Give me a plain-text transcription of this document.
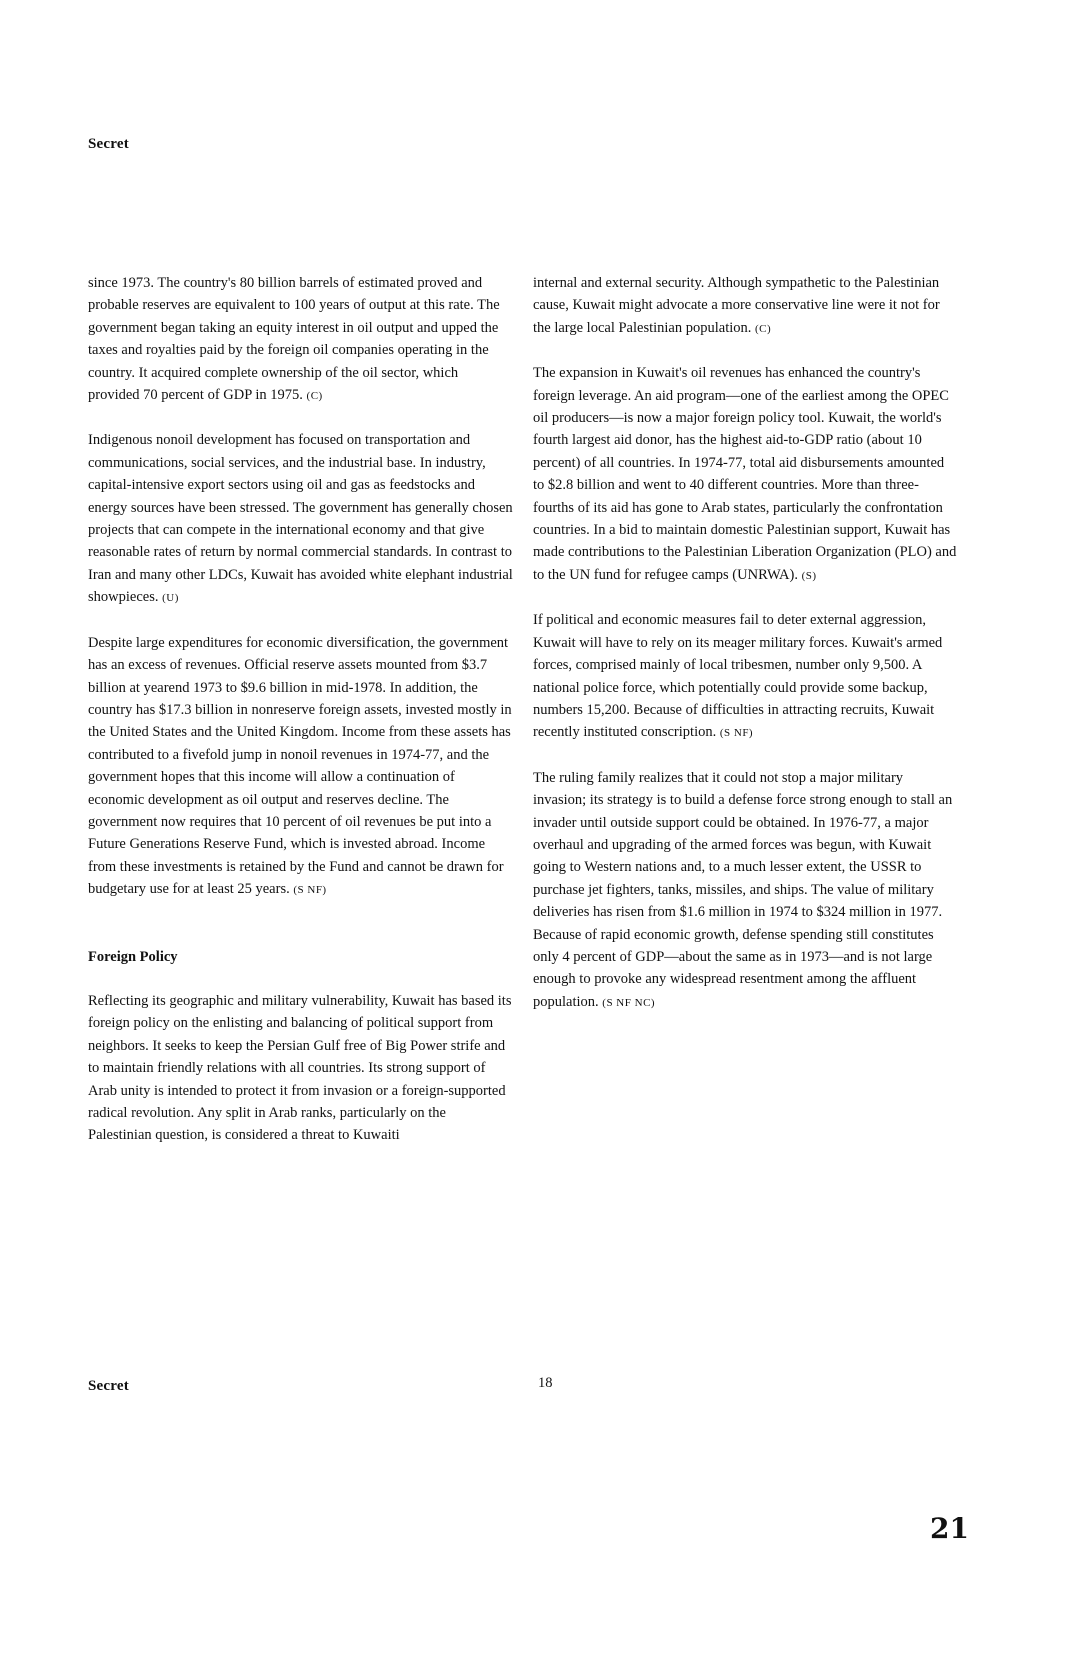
Secret

since 1973. The country's 80 billion barrels of estimated proved and probable reserves are equivalent to 100 years of output at this rate. The government began taking an equity interest in oil output and upped the taxes and royalties paid by the foreign oil companies operating in the country. It acquired complete ownership of the oil sector, which provided 70 percent of GDP in 1975. (C)

Indigenous nonoil development has focused on transportation and communications, social services, and the industrial base. In industry, capital-intensive export sectors using oil and gas as feedstocks and energy sources have been stressed. The government has generally chosen projects that can compete in the international economy and that give reasonable rates of return by normal commercial standards. In contrast to Iran and many other LDCs, Kuwait has avoided white elephant industrial showpieces. (U)

Despite large expenditures for economic diversification, the government has an excess of revenues. Official reserve assets mounted from $3.7 billion at yearend 1973 to $9.6 billion in mid-1978. In addition, the country has $17.3 billion in nonreserve foreign assets, invested mostly in the United States and the United Kingdom. Income from these assets has contributed to a fivefold jump in nonoil revenues in 1974-77, and the government hopes that this income will allow a continuation of economic development as oil output and reserves decline. The government now requires that 10 percent of oil revenues be put into a Future Generations Reserve Fund, which is invested abroad. Income from these investments is retained by the Fund and cannot be drawn for budgetary use for at least 25 years. (S NF)

Foreign Policy

Reflecting its geographic and military vulnerability, Kuwait has based its foreign policy on the enlisting and balancing of political support from neighbors. It seeks to keep the Persian Gulf free of Big Power strife and to maintain friendly relations with all countries. Its strong support of Arab unity is intended to protect it from invasion or a foreign-supported radical revolution. Any split in Arab ranks, particularly on the Palestinian question, is considered a threat to Kuwaiti

internal and external security. Although sympathetic to the Palestinian cause, Kuwait might advocate a more conservative line were it not for the large local Palestinian population. (C)

The expansion in Kuwait's oil revenues has enhanced the country's foreign leverage. An aid program—one of the earliest among the OPEC oil producers—is now a major foreign policy tool. Kuwait, the world's fourth largest aid donor, has the highest aid-to-GDP ratio (about 10 percent) of all countries. In 1974-77, total aid disbursements amounted to $2.8 billion and went to 40 different countries. More than three-fourths of its aid has gone to Arab states, particularly the confrontation countries. In a bid to maintain domestic Palestinian support, Kuwait has made contributions to the Palestinian Liberation Organization (PLO) and to the UN fund for refugee camps (UNRWA). (S)

If political and economic measures fail to deter external aggression, Kuwait will have to rely on its meager military forces. Kuwait's armed forces, comprised mainly of local tribesmen, number only 9,500. A national police force, which potentially could provide some backup, numbers 15,200. Because of difficulties in attracting recruits, Kuwait recently instituted conscription. (S NF)

The ruling family realizes that it could not stop a major military invasion; its strategy is to build a defense force strong enough to stall an invader until outside support could be obtained. In 1976-77, a major overhaul and upgrading of the armed forces was begun, with Kuwait going to Western nations and, to a much lesser extent, the USSR to purchase jet fighters, tanks, missiles, and ships. The value of military deliveries has risen from $1.6 million in 1974 to $324 million in 1977. Because of rapid economic growth, defense spending still constitutes only 4 percent of GDP—about the same as in 1973—and is not large enough to provoke any widespread resentment among the affluent population. (S NF NC)

Secret	18
21
